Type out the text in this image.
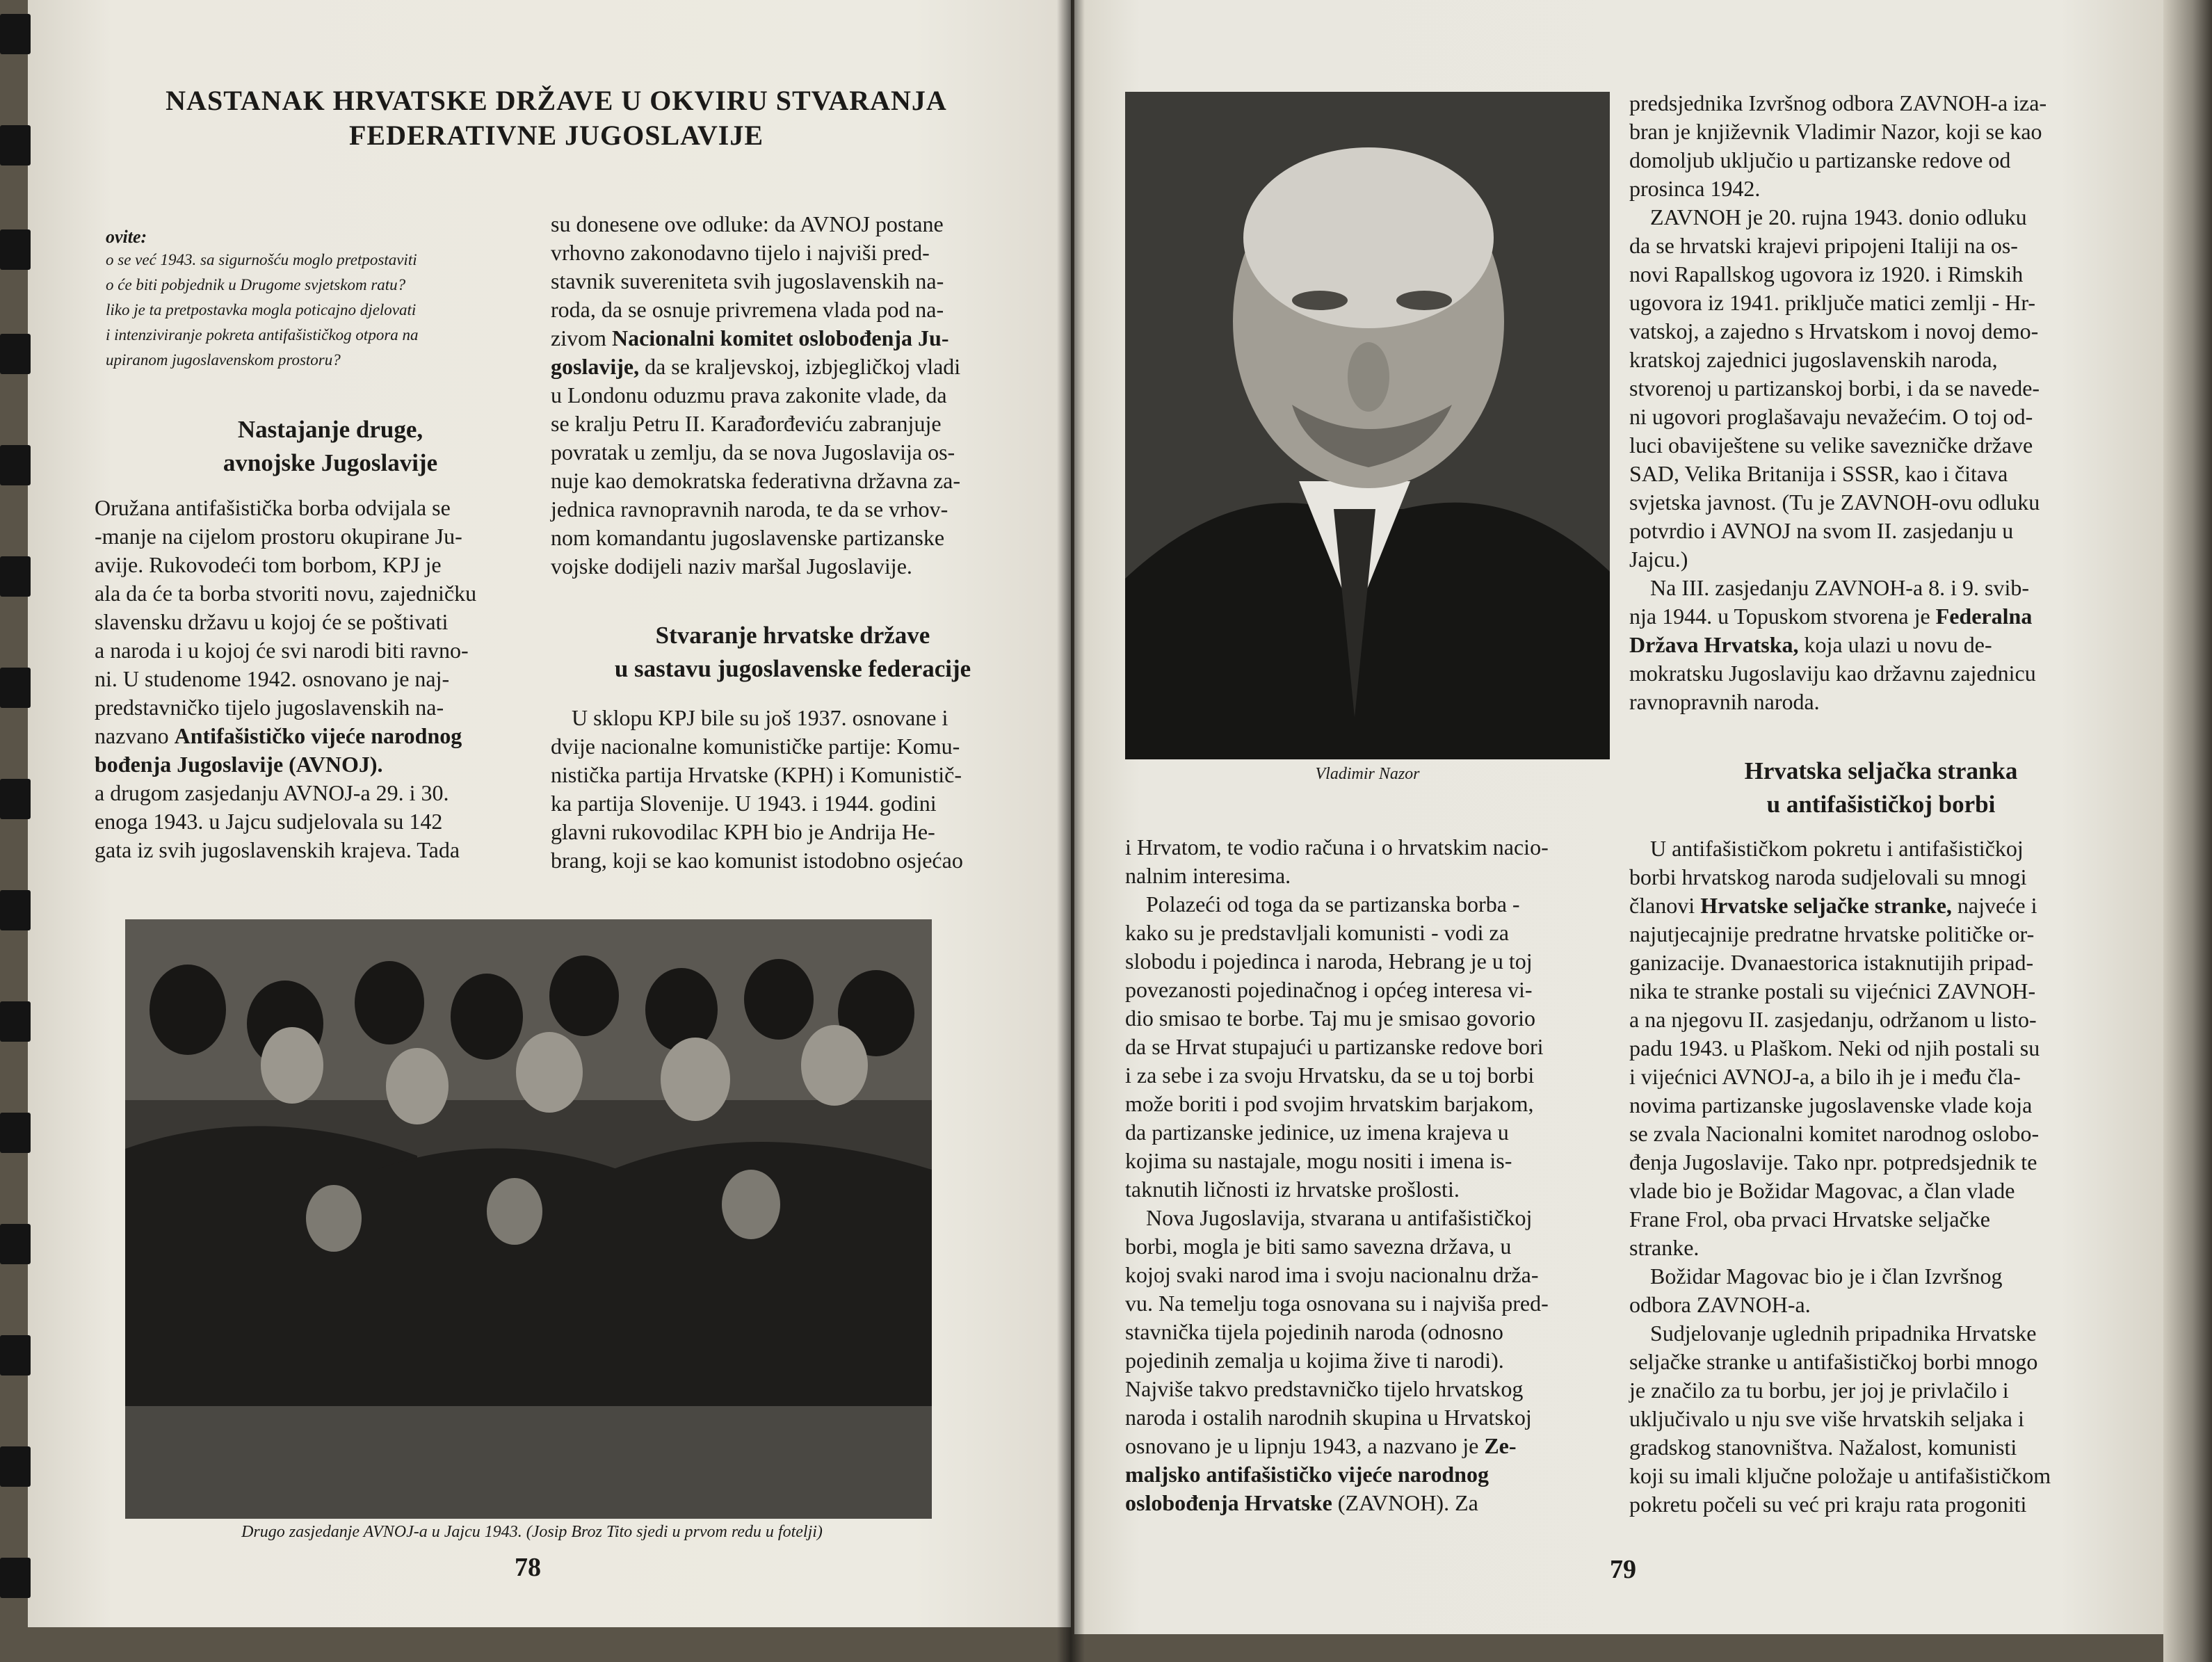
NASTANAK HRVATSKE DRŽAVE U OKVIRU STVARANJA
FEDERATIVNE JUGOSLAVIJE
ovite:
o se već 1943. sa sigurnošću moglo pretpostaviti
o će biti pobjednik u Drugome svjetskom ratu?
liko je ta pretpostavka mogla poticajno djelovati
i intenziviranje pokreta antifašističkog otpora na
upiranom jugoslavenskom prostoru?
Nastajanje druge,
avnojske Jugoslavije

Oružana antifašistička borba odvijala se

-manje na cijelom prostoru okupirane Ju-

avije. Rukovodeći tom borbom, KPJ je

ala da će ta borba stvoriti novu, zajedničku

slavensku državu u kojoj će se poštivati

a naroda i u kojoj će svi narodi biti ravno-

ni. U studenome 1942. osnovano je naj-

predstavničko tijelo jugoslavenskih na-

nazvano Antifašističko vijeće narodnog

bođenja Jugoslavije (AVNOJ).

a drugom zasjedanju AVNOJ-a 29. i 30.

enoga 1943. u Jajcu sudjelovala su 142

gata iz svih jugoslavenskih krajeva. Tada

su donesene ove odluke: da AVNOJ postane

vrhovno zakonodavno tijelo i najviši pred-

stavnik suvereniteta svih jugoslavenskih na-

roda, da se osnuje privremena vlada pod na-

zivom Nacionalni komitet oslobođenja Ju-

goslavije, da se kraljevskoj, izbjegličkoj vladi

u Londonu oduzmu prava zakonite vlade, da

se kralju Petru II. Karađorđeviću zabranjuje

povratak u zemlju, da se nova Jugoslavija os-

nuje kao demokratska federativna državna za-

jednica ravnopravnih naroda, te da se vrhov-

nom komandantu jugoslavenske partizanske

vojske dodijeli naziv maršal Jugoslavije.

Stvaranje hrvatske države
u sastavu jugoslavenske federacije

U sklopu KPJ bile su još 1937. osnovane i

dvije nacionalne komunističke partije: Komu-

nistička partija Hrvatske (KPH) i Komunistič-

ka partija Slovenije. U 1943. i 1944. godini

glavni rukovodilac KPH bio je Andrija He-

brang, koji se kao komunist istodobno osjećao

Drugo zasjedanje AVNOJ-a u Jajcu 1943. (Josip Broz Tito sjedi u prvom redu u fotelji)
78
Vladimir Nazor

predsjednika Izvršnog odbora ZAVNOH-a iza-

bran je književnik Vladimir Nazor, koji se kao

domoljub uključio u partizanske redove od

prosinca 1942.

ZAVNOH je 20. rujna 1943. donio odluku

da se hrvatski krajevi pripojeni Italiji na os-

novi Rapallskog ugovora iz 1920. i Rimskih

ugovora iz 1941. priključe matici zemlji - Hr-

vatskoj, a zajedno s Hrvatskom i novoj demo-

kratskoj zajednici jugoslavenskih naroda,

stvorenoj u partizanskoj borbi, i da se navede-

ni ugovori proglašavaju nevažećim. O toj od-

luci obaviještene su velike savezničke države

SAD, Velika Britanija i SSSR, kao i čitava

svjetska javnost. (Tu je ZAVNOH-ovu odluku

potvrdio i AVNOJ na svom II. zasjedanju u

Jajcu.)

Na III. zasjedanju ZAVNOH-a 8. i 9. svib-

nja 1944. u Topuskom stvorena je Federalna

Država Hrvatska, koja ulazi u novu de-

mokratsku Jugoslaviju kao državnu zajednicu

ravnopravnih naroda.

Hrvatska seljačka stranka
u antifašističkoj borbi

U antifašističkom pokretu i antifašističkoj

borbi hrvatskog naroda sudjelovali su mnogi

članovi Hrvatske seljačke stranke, najveće i

najutjecajnije predratne hrvatske političke or-

ganizacije. Dvanaestorica istaknutijih pripad-

nika te stranke postali su vijećnici ZAVNOH-

a na njegovu II. zasjedanju, održanom u listo-

padu 1943. u Plaškom. Neki od njih postali su

i vijećnici AVNOJ-a, a bilo ih je i među čla-

novima partizanske jugoslavenske vlade koja

se zvala Nacionalni komitet narodnog oslobo-

đenja Jugoslavije. Tako npr. potpredsjednik te

vlade bio je Božidar Magovac, a član vlade

Frane Frol, oba prvaci Hrvatske seljačke

stranke.

Božidar Magovac bio je i član Izvršnog

odbora ZAVNOH-a.

Sudjelovanje uglednih pripadnika Hrvatske

seljačke stranke u antifašističkoj borbi mnogo

je značilo za tu borbu, jer joj je privlačilo i

uključivalo u nju sve više hrvatskih seljaka i

gradskog stanovništva. Nažalost, komunisti

koji su imali ključne položaje u antifašističkom

pokretu počeli su već pri kraju rata progoniti

i Hrvatom, te vodio računa i o hrvatskim nacio-

nalnim interesima.

Polazeći od toga da se partizanska borba -

kako su je predstavljali komunisti - vodi za

slobodu i pojedinca i naroda, Hebrang je u toj

povezanosti pojedinačnog i općeg interesa vi-

dio smisao te borbe. Taj mu je smisao govorio

da se Hrvat stupajući u partizanske redove bori

i za sebe i za svoju Hrvatsku, da se u toj borbi

može boriti i pod svojim hrvatskim barjakom,

da partizanske jedinice, uz imena krajeva u

kojima su nastajale, mogu nositi i imena is-

taknutih ličnosti iz hrvatske prošlosti.

Nova Jugoslavija, stvarana u antifašističkoj

borbi, mogla je biti samo savezna država, u

kojoj svaki narod ima i svoju nacionalnu drža-

vu. Na temelju toga osnovana su i najviša pred-

stavnička tijela pojedinih naroda (odnosno

pojedinih zemalja u kojima žive ti narodi).

Najviše takvo predstavničko tijelo hrvatskog

naroda i ostalih narodnih skupina u Hrvatskoj

osnovano je u lipnju 1943, a nazvano je Ze-

maljsko antifašističko vijeće narodnog

oslobođenja Hrvatske (ZAVNOH). Za

79
